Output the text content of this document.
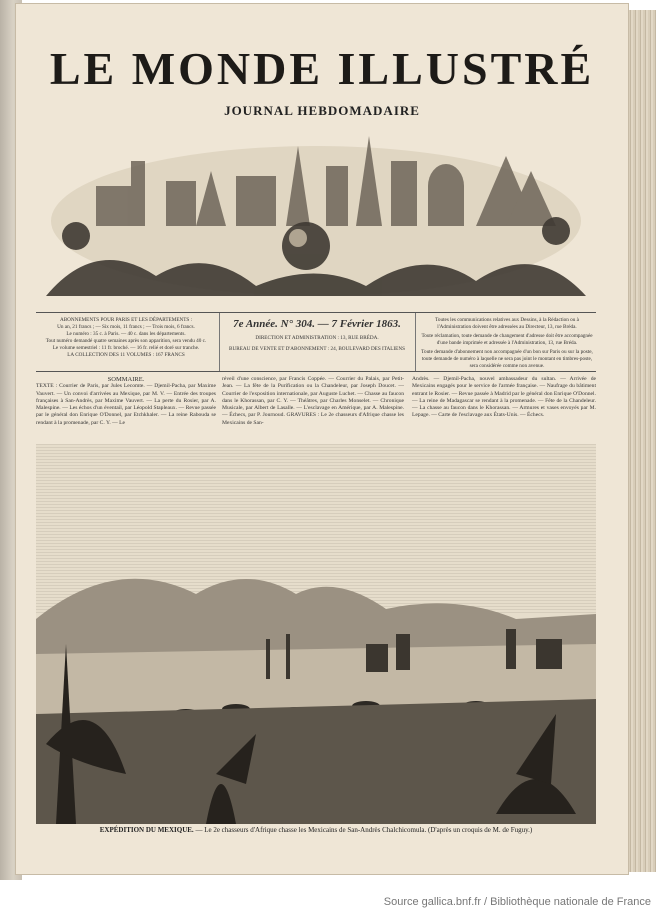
LE MONDE ILLUSTRÉ
JOURNAL HEBDOMADAIRE
ABONNEMENTS POUR PARIS ET LES DÉPARTEMENTS :
Un an, 21 francs ; — Six mois, 11 francs ; — Trois mois, 6 francs.
Le numéro : 35 c. à Paris. — 40 c. dans les départements.
Tout numéro demandé quatre semaines après son apparition, sera vendu 40 c.
Le volume semestriel : 11 fr. broché. — 16 fr. relié et doré sur tranche.
LA COLLECTION DES 11 VOLUMES : 167 FRANCS
7e Année. N° 304. — 7 Février 1863.
DIRECTION ET ADMINISTRATION : 13, RUE BRÉDA.
BUREAU DE VENTE ET D'ABONNEMENT : 24, BOULEVARD DES ITALIENS
Toutes les communications relatives aux Dessins, à la Rédaction ou à l'Administration doivent être adressées au Directeur, 13, rue Bréda.
Toute réclamation, toute demande de changement d'adresse doit être accompagnée d'une bande imprimée et adressée à l'Administration, 13, rue Bréda.
Toute demande d'abonnement non accompagnée d'un bon sur Paris ou sur la poste, toute demande de numéro à laquelle ne sera pas joint le montant en timbres-poste, sera considérée comme non avenue.
SOMMAIRE.
TEXTE : Courrier de Paris, par Jules Lecomte. — Djemil-Pacha, par Maxime Vauvert. — Un convoi d'arrivées au Mexique, par M. V. — Entrée des troupes françaises à San-Andrès, par Maxime Vauvert. — La perte du Rosier, par A. Malespine. — Les échos d'un éventail, par Léopold Stapleaux. — Revue passée par le général don Enrique O'Donnel, par Etchkhaler. — La reine Rabouda se rendant à la promenade, par C. Y. — Le
réveil d'une conscience, par Francis Coppée. — Courrier du Palais, par Petit-Jean. — La fête de la Purification ou la Chandeleur, par Joseph Doucet. — Courrier de l'exposition internationale, par Auguste Luchet. — Chasse au faucon dans le Khorassan, par C. Y. — Théâtres, par Charles Monselet. — Chronique Musicale, par Albert de Lasalle. — L'esclavage en Amérique, par A. Malespine. — Échecs, par P. Journoud. GRAVURES : Le 2e chasseurs d'Afrique chasse les Mexicains de San-
Andrès. — Djemil-Pacha, nouvel ambassadeur du sultan. — Arrivée de Mexicains engagés pour le service de l'armée française. — Naufrage du bâtiment entrant le Rosier. — Revue passée à Madrid par le général don Enrique O'Donnel. — La reine de Madagascar se rendant à la promenade. — Fête de la Chandeleur. — La chasse au faucon dans le Khorassan. — Armures et vases envoyés par M. Lepage. — Carte de l'esclavage aux États-Unis. — Échecs.
EXPÉDITION DU MEXIQUE. — Le 2e chasseurs d'Afrique chasse les Mexicains de San-Andrès Chalchicomula. (D'après un croquis de M. de Fuguy.)
Source gallica.bnf.fr / Bibliothèque nationale de France
